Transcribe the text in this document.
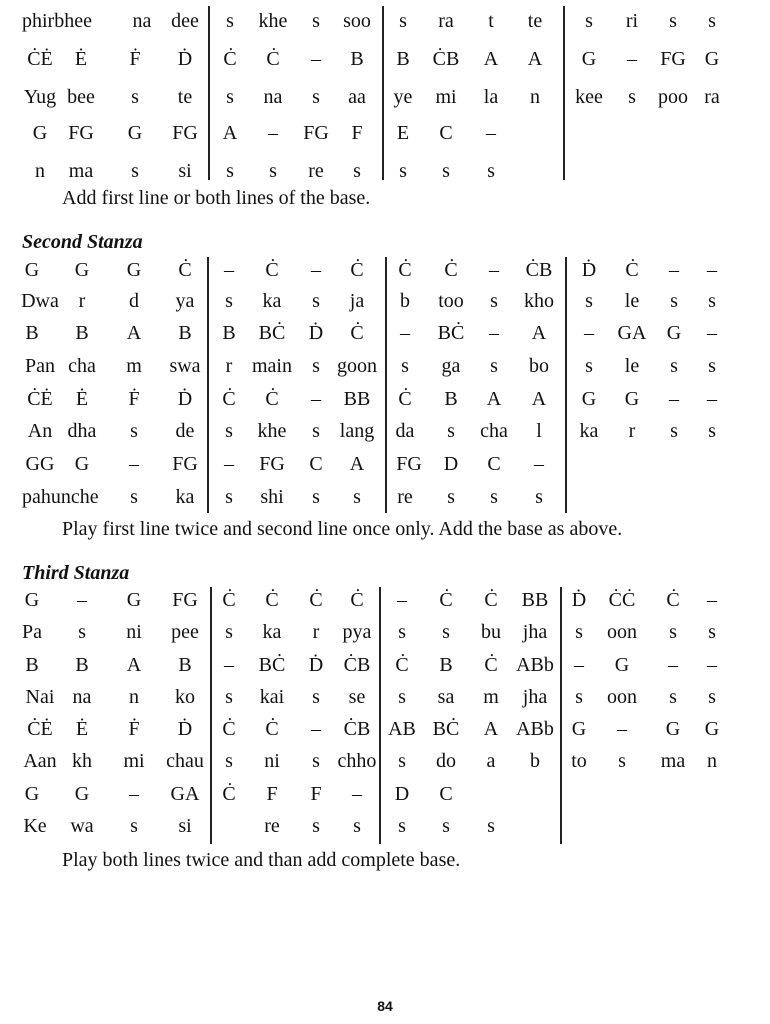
phirbhee na dee s khe s soo s ra t te s ri s s
ĊĖ Ė Ḟ Ḋ Ċ Ċ – B B ĊB A A G – FG G
Yug bee s te s na s aa ye mi la n kee s poo ra
G FG G FG A – FG F E C –
n ma s si s s re s s s s
Add first line or both lines of the base.
Second Stanza
G G G Ċ – Ċ – Ċ Ċ Ċ – ĊB Ḋ Ċ – –
Dwa r d ya s ka s ja b too s kho s le s s
B B A B B BĊ Ḋ Ċ – BĊ – A – GA G –
Pan cha m swa r main s goon s ga s bo s le s s
ĊĖ Ė Ḟ Ḋ Ċ Ċ – BB Ċ B A A G G – –
An dha s de s khe s lang da s cha l ka r s s
GG G – FG – FG C A FG D C –
pahunche s ka s shi s s re s s s
Play first line twice and second line once only. Add the base as above.
Third Stanza
G – G FG Ċ Ċ Ċ Ċ – Ċ Ċ BB Ḋ ĊĊ Ċ –
Pa s ni pee s ka r pya s s bu jha s oon s s
B B A B – BĊ Ḋ ĊB Ċ B Ċ ABb – G – –
Nai na n ko s kai s se s sa m jha s oon s s
ĊĖ Ė Ḟ Ḋ Ċ Ċ – ĊB AB BĊ A ABb G – G G
Aan kh mi chau s ni s chho s do a b to s ma n
G G – GA Ċ F F – D C
Ke wa s si	re s s s s s
Play both lines twice and than add complete base.
84
